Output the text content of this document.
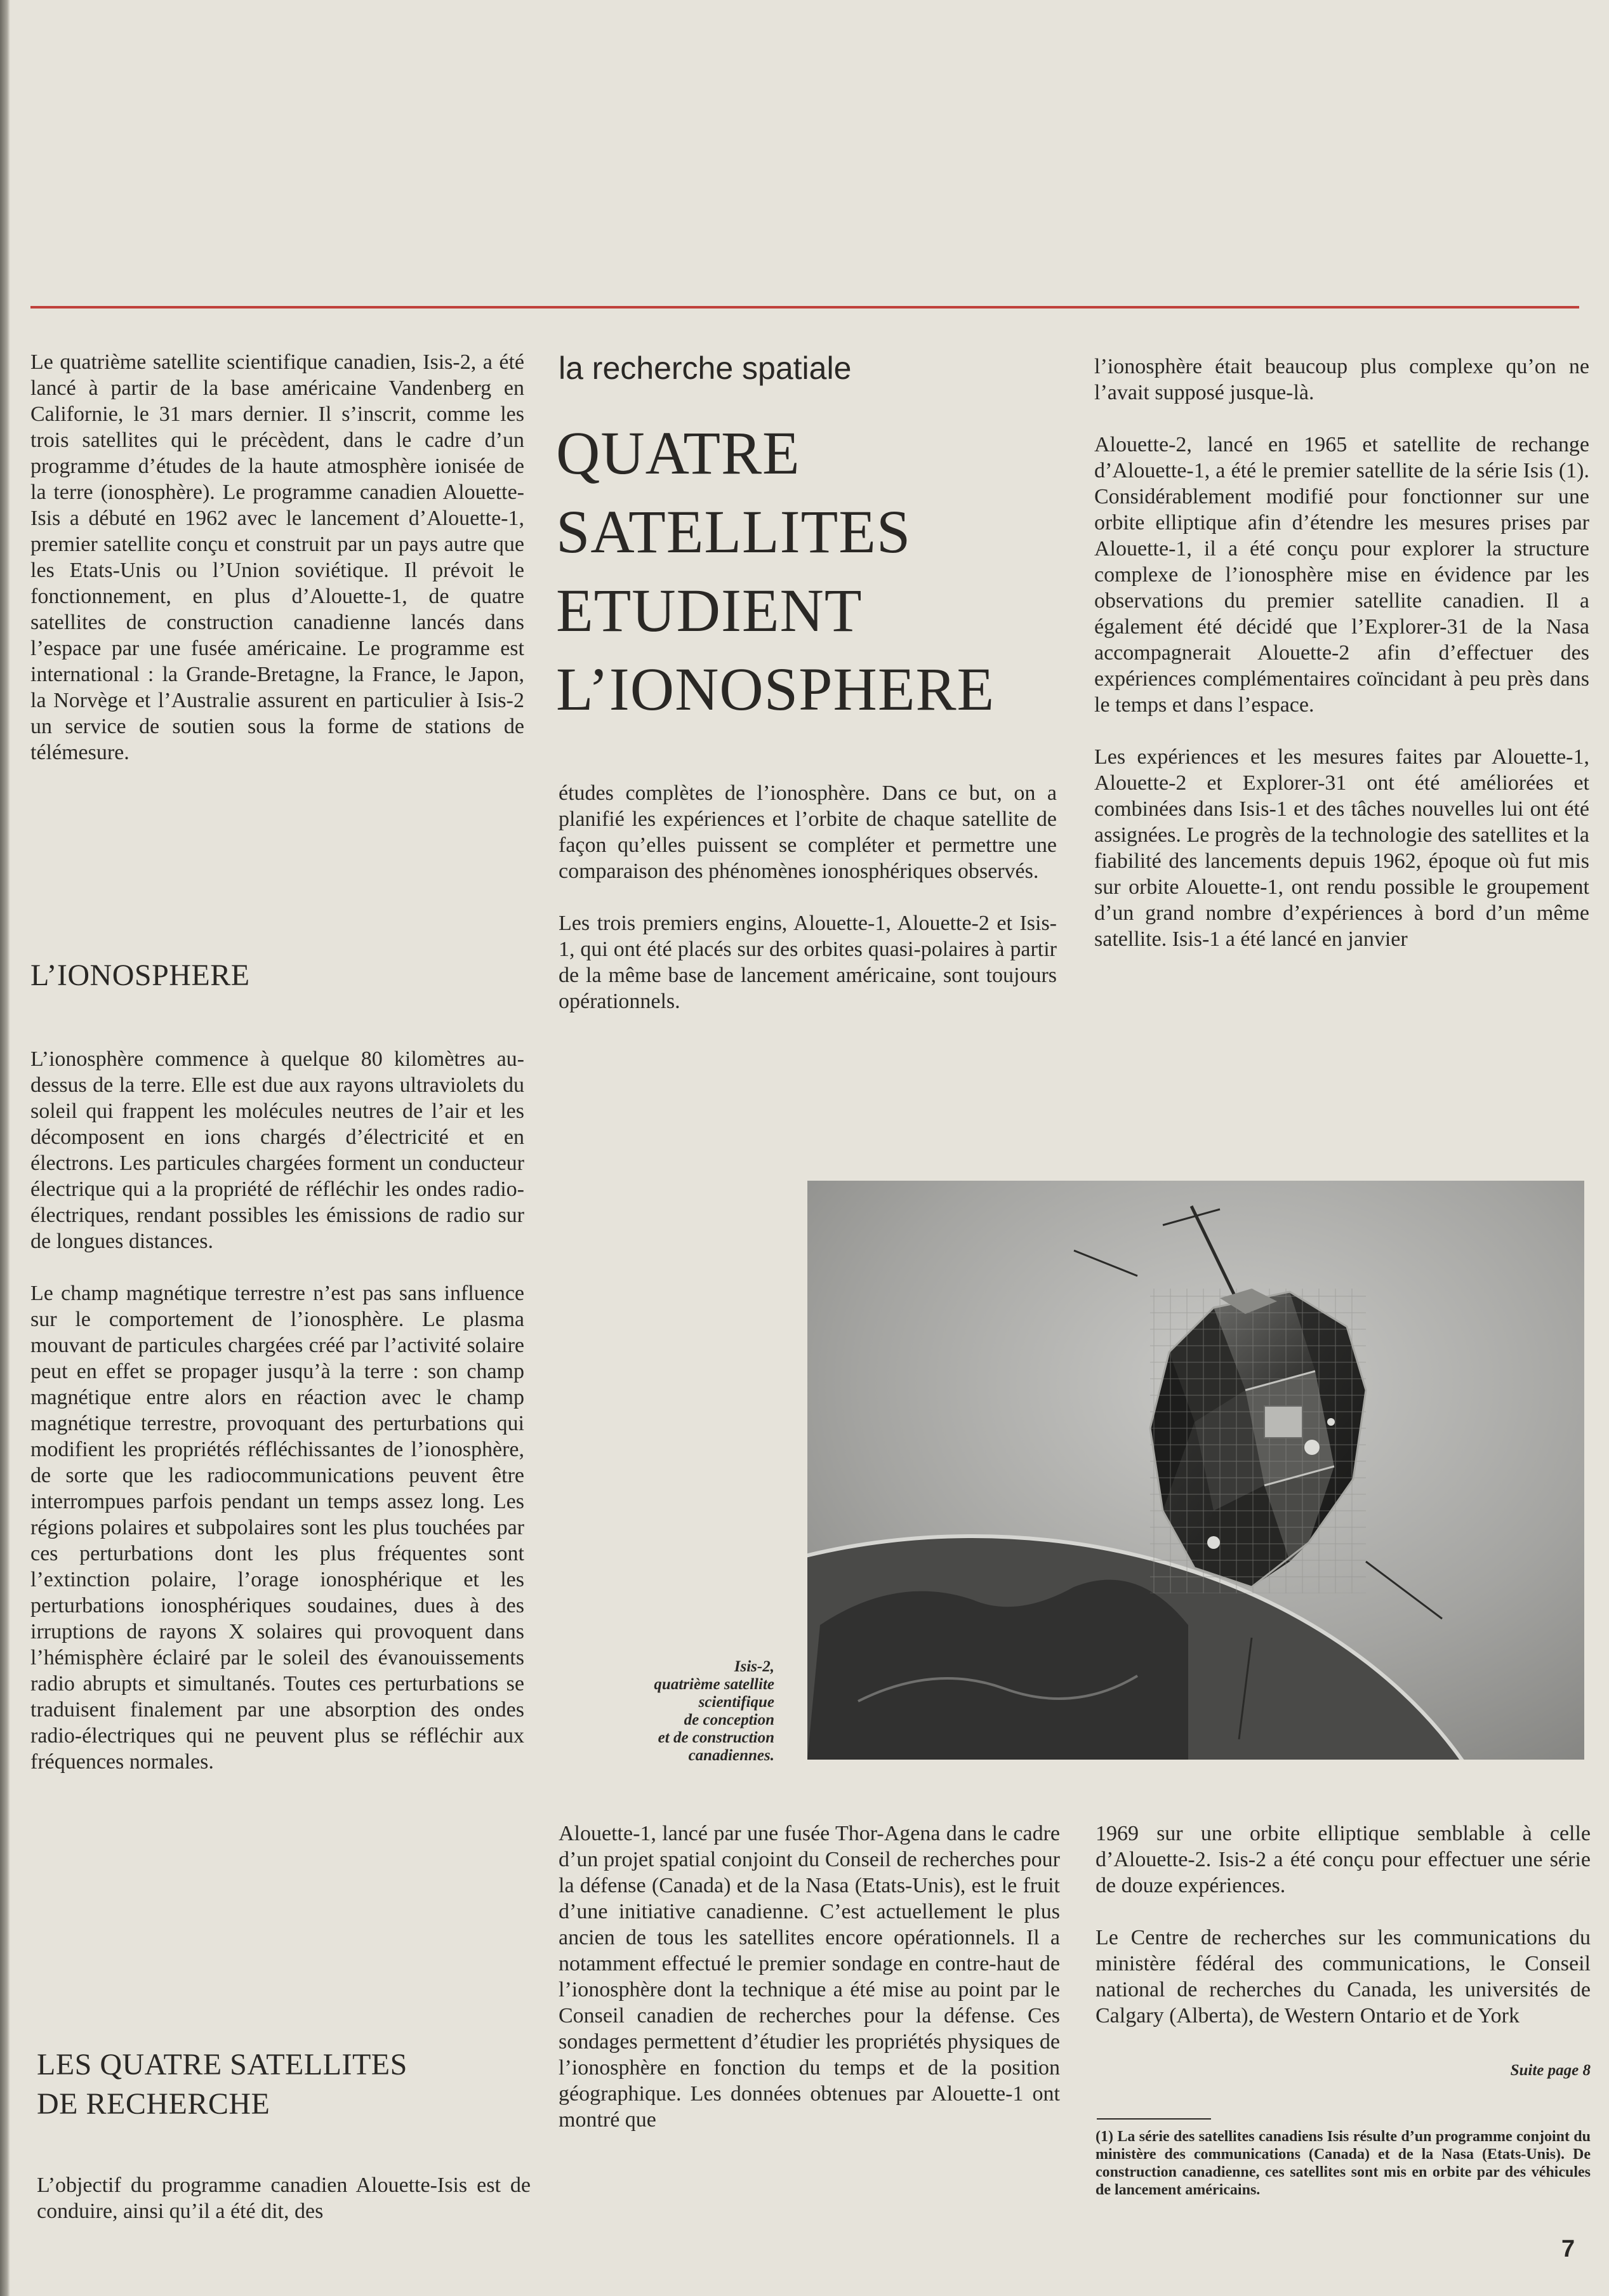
Le quatrième satellite scientifique canadien, Isis-2, a été lancé à partir de la base américaine Vandenberg en Californie, le 31 mars dernier. Il s’inscrit, comme les trois satellites qui le précèdent, dans le cadre d’un programme d’études de la haute atmosphère ionisée de la terre (ionosphère). Le programme canadien Alouette-Isis a débuté en 1962 avec le lancement d’Alouette-1, premier satellite conçu et construit par un pays autre que les Etats-Unis ou l’Union soviétique. Il prévoit le fonctionnement, en plus d’Alouette-1, de quatre satellites de construction canadienne lancés dans l’espace par une fusée américaine. Le programme est international : la Grande-Bretagne, la France, le Japon, la Norvège et l’Australie assurent en particulier à Isis-2 un service de soutien sous la forme de stations de télémesure.

L’IONOSPHERE

L’ionosphère commence à quelque 80 kilomètres au-dessus de la terre. Elle est due aux rayons ultraviolets du soleil qui frappent les molécules neutres de l’air et les décomposent en ions chargés d’électricité et en électrons. Les particules chargées forment un conducteur électrique qui a la propriété de réfléchir les ondes radio-électriques, rendant possibles les émissions de radio sur de longues distances.

Le champ magnétique terrestre n’est pas sans influence sur le comportement de l’ionosphère. Le plasma mouvant de particules chargées créé par l’activité solaire peut en effet se propager jusqu’à la terre : son champ magnétique entre alors en réaction avec le champ magnétique terrestre, provoquant des perturbations qui modifient les propriétés réfléchissantes de l’ionosphère, de sorte que les radiocommunications peuvent être interrompues parfois pendant un temps assez long. Les régions polaires et subpolaires sont les plus touchées par ces perturbations dont les plus fréquentes sont l’extinction polaire, l’orage ionosphérique et les perturbations ionosphériques soudaines, dues à des irruptions de rayons X solaires qui provoquent dans l’hémisphère éclairé par le soleil des évanouissements radio abrupts et simultanés. Toutes ces perturbations se traduisent finalement par une absorption des ondes radio-électriques qui ne peuvent plus se réfléchir aux fréquences normales.

LES QUATRE SATELLITES
DE RECHERCHE

L’objectif du programme canadien Alouette-Isis est de conduire, ainsi qu’il a été dit, des

la recherche spatiale
QUATRE
SATELLITES
ETUDIENT
L’IONOSPHERE

études complètes de l’ionosphère. Dans ce but, on a planifié les expériences et l’orbite de chaque satellite de façon qu’elles puissent se compléter et permettre une comparaison des phénomènes ionosphériques observés.

Les trois premiers engins, Alouette-1, Alouette-2 et Isis-1, qui ont été placés sur des orbites quasi-polaires à partir de la même base de lancement américaine, sont toujours opérationnels.

l’ionosphère était beaucoup plus complexe qu’on ne l’avait supposé jusque-là.

Alouette-2, lancé en 1965 et satellite de rechange d’Alouette-1, a été le premier satellite de la série Isis (1). Considérablement modifié pour fonctionner sur une orbite elliptique afin d’étendre les mesures prises par Alouette-1, il a été conçu pour explorer la structure complexe de l’ionosphère mise en évidence par les observations du premier satellite canadien. Il a également été décidé que l’Explorer-31 de la Nasa accompagnerait Alouette-2 afin d’effectuer des expériences complémentaires coïncidant à peu près dans le temps et dans l’espace.

Les expériences et les mesures faites par Alouette-1, Alouette-2 et Explorer-31 ont été améliorées et combinées dans Isis-1 et des tâches nouvelles lui ont été assignées. Le progrès de la technologie des satellites et la fiabilité des lancements depuis 1962, époque où fut mis sur orbite Alouette-1, ont rendu possible le groupement d’un grand nombre d’expériences à bord d’un même satellite. Isis-1 a été lancé en janvier

Isis-2,
quatrième satellite
scientifique
de conception
et de construction
canadiennes.

Alouette-1, lancé par une fusée Thor-Agena dans le cadre d’un projet spatial conjoint du Conseil de recherches pour la défense (Canada) et de la Nasa (Etats-Unis), est le fruit d’une initiative canadienne. C’est actuellement le plus ancien de tous les satellites encore opérationnels. Il a notamment effectué le premier sondage en contre-haut de l’ionosphère dont la technique a été mise au point par le Conseil canadien de recherches pour la défense. Ces sondages permettent d’étudier les propriétés physiques de l’ionosphère en fonction du temps et de la position géographique. Les données obtenues par Alouette-1 ont montré que

1969 sur une orbite elliptique semblable à celle d’Alouette-2. Isis-2 a été conçu pour effectuer une série de douze expériences.

Le Centre de recherches sur les communications du ministère fédéral des communications, le Conseil national de recherches du Canada, les universités de Calgary (Alberta), de Western Ontario et de York

Suite page 8

(1) La série des satellites canadiens Isis résulte d’un programme conjoint du ministère des communications (Canada) et de la Nasa (Etats-Unis). De construction canadienne, ces satellites sont mis en orbite par des véhicules de lancement américains.

7
